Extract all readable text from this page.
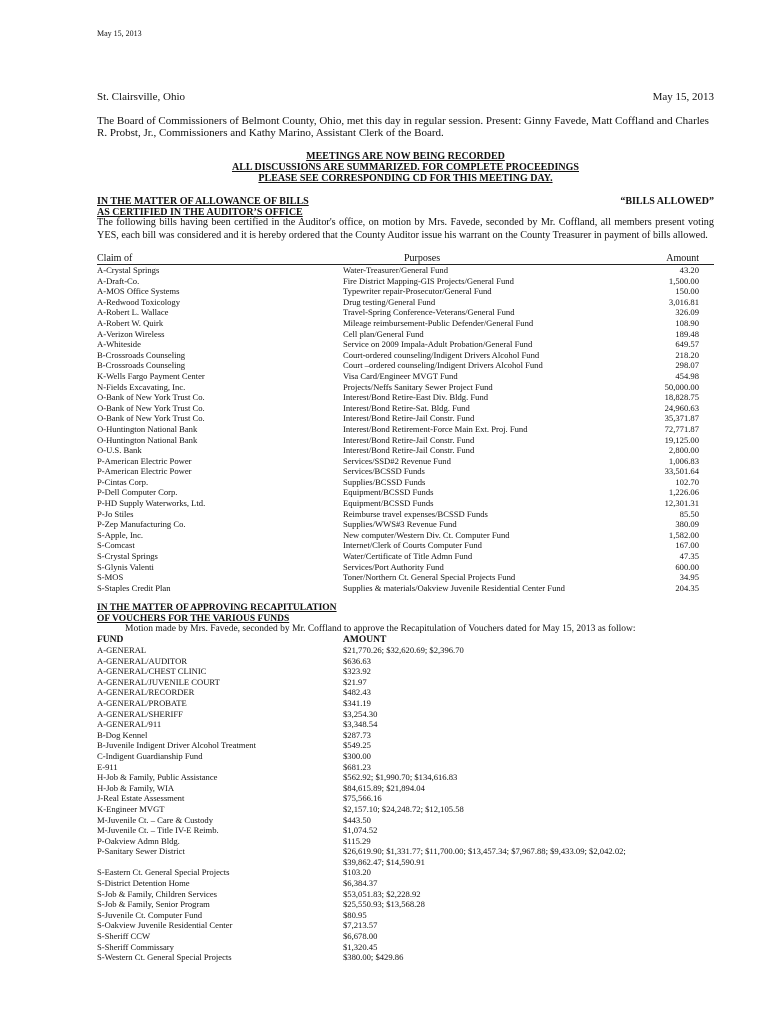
May 15, 2013
St. Clairsville, Ohio	May 15, 2013
The Board of Commissioners of Belmont County, Ohio, met this day in regular session. Present: Ginny Favede, Matt Coffland and Charles R. Probst, Jr., Commissioners and Kathy Marino, Assistant Clerk of the Board.
MEETINGS ARE NOW BEING RECORDED
ALL DISCUSSIONS ARE SUMMARIZED. FOR COMPLETE PROCEEDINGS
PLEASE SEE CORRESPONDING CD FOR THIS MEETING DAY.
IN THE MATTER OF ALLOWANCE OF BILLS	“BILLS ALLOWED”
AS CERTIFIED IN THE AUDITOR’S OFFICE
The following bills having been certified in the Auditor's office, on motion by Mrs. Favede, seconded by Mr. Coffland, all members present voting YES, each bill was considered and it is hereby ordered that the County Auditor issue his warrant on the County Treasurer in payment of bills allowed.
Claim of	Purposes	Amount
A-Crystal Springs	Water-Treasurer/General Fund	43.20
A-Draft-Co.	Fire District Mapping-GIS Projects/General Fund	1,500.00
A-MOS Office Systems	Typewriter repair-Prosecutor/General Fund	150.00
A-Redwood Toxicology	Drug testing/General Fund	3,016.81
A-Robert L. Wallace	Travel-Spring Conference-Veterans/General Fund	326.09
A-Robert W. Quirk	Mileage reimbursement-Public Defender/General Fund	108.90
A-Verizon Wireless	Cell plan/General Fund	189.48
A-Whiteside	Service on 2009 Impala-Adult Probation/General Fund	649.57
B-Crossroads Counseling	Court-ordered counseling/Indigent Drivers Alcohol Fund	218.20
B-Crossroads Counseling	Court –ordered counseling/Indigent Drivers Alcohol Fund	298.07
K-Wells Fargo Payment Center	Visa Card/Engineer MVGT Fund	454.98
N-Fields Excavating, Inc.	Projects/Neffs Sanitary Sewer Project Fund	50,000.00
O-Bank of New York Trust Co.	Interest/Bond Retire-East Div. Bldg. Fund	18,828.75
O-Bank of New York Trust Co.	Interest/Bond Retire-Sat. Bldg. Fund	24,960.63
O-Bank of New York Trust Co.	Interest/Bond Retire-Jail Constr. Fund	35,371.87
O-Huntington National Bank	Interest/Bond Retirement-Force Main Ext. Proj. Fund	72,771.87
O-Huntington National Bank	Interest/Bond Retire-Jail Constr. Fund	19,125.00
O-U.S. Bank	Interest/Bond Retire-Jail Constr. Fund	2,800.00
P-American Electric Power	Services/SSD#2 Revenue Fund	1,006.83
P-American Electric Power	Services/BCSSD Funds	33,501.64
P-Cintas Corp.	Supplies/BCSSD Funds	102.70
P-Dell Computer Corp.	Equipment/BCSSD Funds	1,226.06
P-HD Supply Waterworks, Ltd.	Equipment/BCSSD Funds	12,301.31
P-Jo Stiles	Reimburse travel expenses/BCSSD Funds	85.50
P-Zep Manufacturing Co.	Supplies/WWS#3 Revenue Fund	380.09
S-Apple, Inc.	New computer/Western Div. Ct. Computer Fund	1,582.00
S-Comcast	Internet/Clerk of Courts Computer Fund	167.00
S-Crystal Springs	Water/Certificate of Title Admn Fund	47.35
S-Glynis Valenti	Services/Port Authority Fund	600.00
S-MOS	Toner/Northern Ct. General Special Projects Fund	34.95
S-Staples Credit Plan	Supplies & materials/Oakview Juvenile Residential Center Fund	204.35
IN THE MATTER OF APPROVING RECAPITULATION
OF VOUCHERS FOR THE VARIOUS FUNDS
Motion made by Mrs. Favede, seconded by Mr. Coffland to approve the Recapitulation of Vouchers dated for May 15, 2013 as follow:
FUND	AMOUNT
A-GENERAL	$21,770.26; $32,620.69; $2,396.70
A-GENERAL/AUDITOR	$636.63
A-GENERAL/CHEST CLINIC	$323.92
A-GENERAL/JUVENILE COURT	$21.97
A-GENERAL/RECORDER	$482.43
A-GENERAL/PROBATE	$341.19
A-GENERAL/SHERIFF	$3,254.30
A-GENERAL/911	$3,348.54
B-Dog Kennel	$287.73
B-Juvenile Indigent Driver Alcohol Treatment	$549.25
C-Indigent Guardianship Fund	$300.00
E-911	$681.23
H-Job & Family, Public Assistance	$562.92; $1,990.70; $134,616.83
H-Job & Family, WIA	$84,615.89; $21,894.04
J-Real Estate Assessment	$75,566.16
K-Engineer MVGT	$2,157.10; $24,248.72; $12,105.58
M-Juvenile Ct. – Care & Custody	$443.50
M-Juvenile Ct. – Title IV-E Reimb.	$1,074.52
P-Oakview Admn Bldg.	$115.29
P-Sanitary Sewer District	$26,619.90; $1,331.77; $11,700.00; $13,457.34; $7,967.88; $9,433.09; $2,042.02;
$39,862.47; $14,590.91
S-Eastern Ct. General Special Projects	$103.20
S-District Detention Home	$6,384.37
S-Job & Family, Children Services	$53,051.83; $2,228.92
S-Job & Family, Senior Program	$25,550.93; $13,568.28
S-Juvenile Ct. Computer Fund	$80.95
S-Oakview Juvenile Residential Center	$7,213.57
S-Sheriff CCW	$6,678.00
S-Sheriff Commissary	$1,320.45
S-Western Ct. General Special Projects	$380.00; $429.86
